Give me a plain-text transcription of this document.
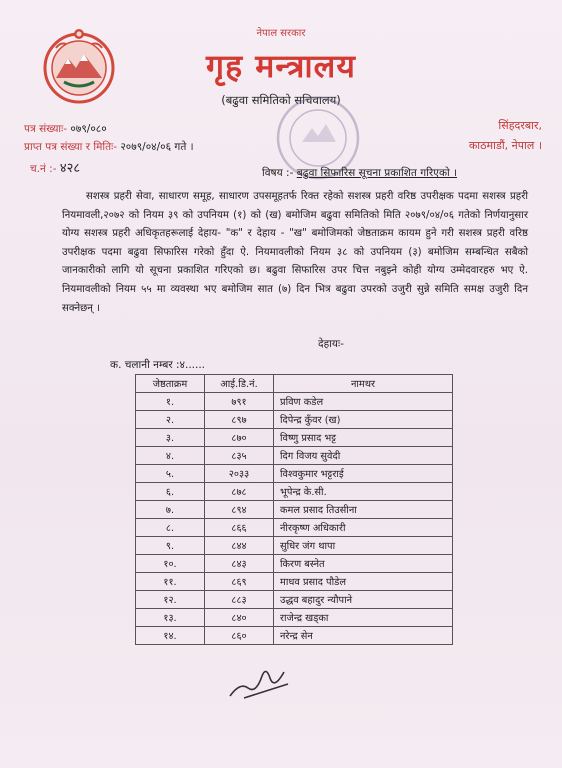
नेपाल सरकार
गृह मन्त्रालय
(बढुवा समितिको सचिवालय)
पत्र संख्याः- ०७९/०८०
प्राप्त पत्र संख्या र मितिः- २०७९/०४/०६ गते ।
च.नं :- ४२८
सिंहदरबार,
काठमाडौं, नेपाल ।
विषय :- बढुवा सिफारिस सूचना प्रकाशित गरिएको ।
सशस्त्र प्रहरी सेवा, साधारण समूह, साधारण उपसमूहतर्फ रिक्त रहेको सशस्त्र प्रहरी वरिष्ठ उपरीक्षक पदमा सशस्त्र प्रहरी नियमावली,२०७२ को नियम ३९ को उपनियम (१) को (ख) बमोजिम बढुवा समितिको मिति २०७९/०४/०६ गतेको निर्णयानुसार योग्य सशस्त्र प्रहरी अधिकृतहरूलाई देहाय- "क" र देहाय - "ख" बमोजिमको जेष्ठताक्रम कायम हुने गरी सशस्त्र प्रहरी वरिष्ठ उपरीक्षक पदमा बढुवा सिफारिस गरेको हुँदा ऐ. नियमावलीको नियम ३८ को उपनियम (३) बमोजिम सम्बन्धित सबैको जानकारीको लागि यो सूचना प्रकाशित गरिएको छ। बढुवा सिफारिस उपर चित्त नबुझ्ने कोही योग्य उम्मेदवारहरु भए ऐ. नियमावलीको नियम ५५ मा व्यवस्था भए बमोजिम सात (७) दिन भित्र बढुवा उपरको उजुरी सुन्ने समिति समक्ष उजुरी दिन सक्नेछन् ।
देहायः-
क. चलानी नम्बर :४......
जेष्ठताक्रम	आई.डि.नं.	नामथर
१.	७९१	प्रविण कडेल
२.	८९७	दिपेन्द्र कुँवर (ख)
३.	८७०	विष्णु प्रसाद भट्ट
४.	८३५	दिग विजय सुवेदी
५.	२०३३	विश्वकुमार भट्टराई
६.	८७८	भूपेन्द्र के.सी.
७.	८९४	कमल प्रसाद तिउसीना
८.	८६६	नीरकृष्ण अधिकारी
९.	८४४	सुधिर जंग थापा
१०.	८४३	किरण बस्नेत
११.	८६९	माधव प्रसाद पौडेल
१२.	८८३	उद्धव बहादुर न्यौपाने
१३.	८४०	राजेन्द्र खड्का
१४.	८६०	नरेन्द्र सेन
